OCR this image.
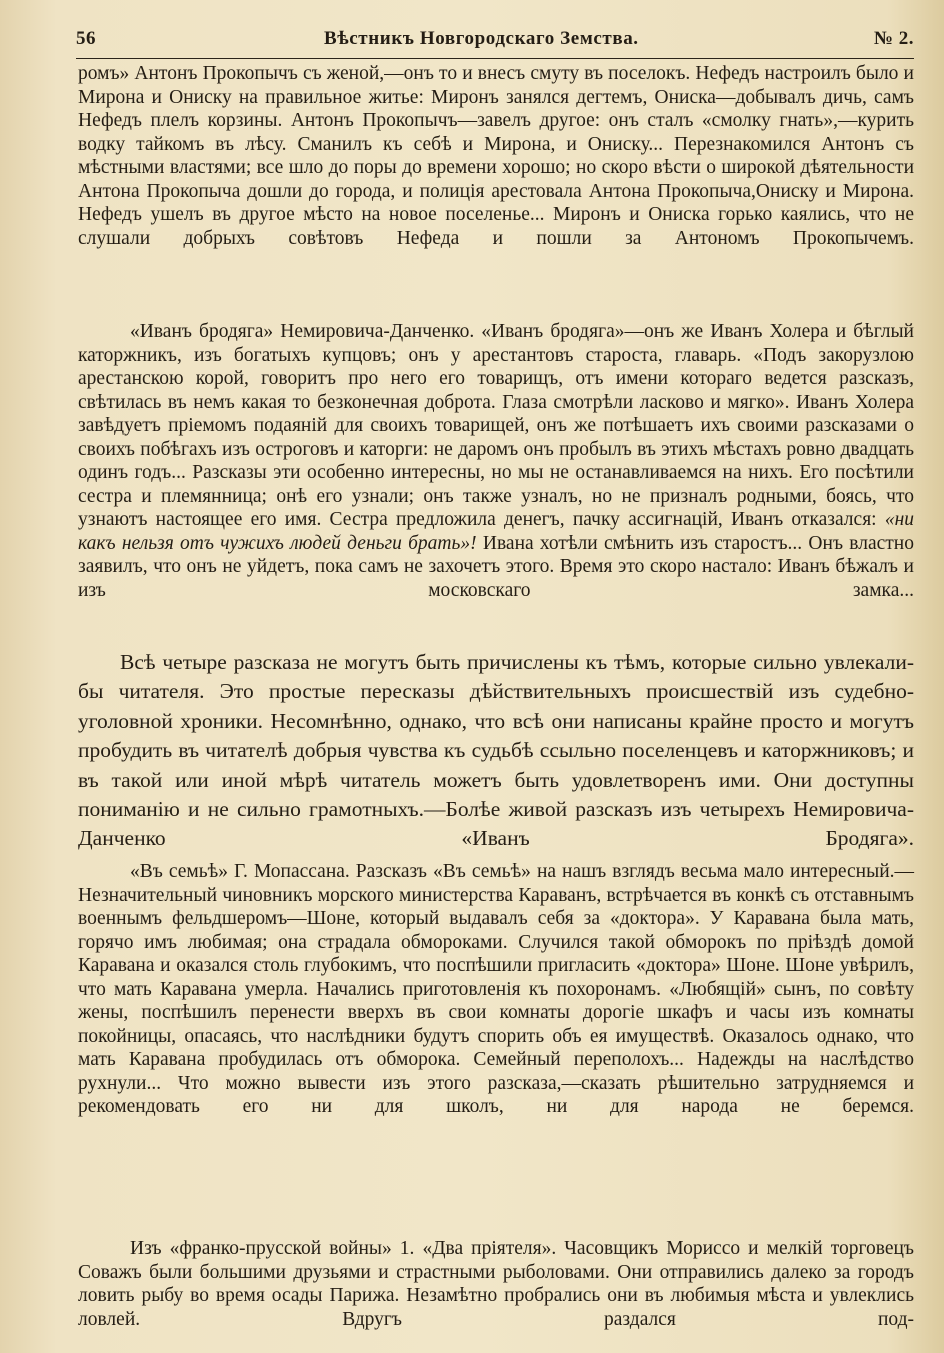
56	Вѣстникъ Новгородскаго Земства.	№ 2.

ромъ» Антонъ Прокопычъ съ женой,—онъ то и внесъ смуту въ поселокъ. Нефедъ настроилъ было и Мирона и Ониску на правильное житье: Миронъ занялся дегтемъ, Ониска—добывалъ дичь, самъ Нефедъ плелъ корзины. Антонъ Прокопычъ—завелъ другое: онъ сталъ «смолку гнать»,—курить водку тайкомъ въ лѣсу. Сманилъ къ себѣ и Мирона, и Ониску... Перезнакомился Антонъ съ мѣстными властями; все шло до поры до времени хорошо; но скоро вѣсти о широкой дѣятельности Антона Прокопыча дошли до города, и полиція арестовала Антона Прокопыча,Ониску и Мирона. Нефедъ ушелъ въ другое мѣсто на новое поселенье... Миронъ и Ониска горько каялись, что не слушали добрыхъ совѣтовъ Нефеда и пошли за Антономъ Прокопычемъ.

«Иванъ бродяга» Немировича-Данченко. «Иванъ бродяга»—онъ же Иванъ Холера и бѣглый каторжникъ, изъ богатыхъ купцовъ; онъ у арестантовъ староста, главарь. «Подъ закорузлою арестанскою корой, говоритъ про него его товарищъ, отъ имени котораго ведется разсказъ, свѣтилась въ немъ какая то безконечная доброта. Глаза смотрѣли ласково и мягко». Иванъ Холера завѣдуетъ пріемомъ подаяній для своихъ товарищей, онъ же потѣшаетъ ихъ своими разсказами о своихъ побѣгахъ изъ остроговъ и каторги: не даромъ онъ пробылъ въ этихъ мѣстахъ ровно двадцать одинъ годъ... Разсказы эти особенно интересны, но мы не останавливаемся на нихъ. Его посѣтили сестра и племянница; онѣ его узнали; онъ также узналъ, но не призналъ родными, боясь, что узнаютъ настоящее его имя. Сестра предложила денегъ, пачку ассигнацій, Иванъ отказался: «ни какъ нельзя отъ чужихъ людей деньги брать»! Ивана хотѣли смѣнить изъ старостъ... Онъ властно заявилъ, что онъ не уйдетъ, пока самъ не захочетъ этого. Время это скоро настало: Иванъ бѣжалъ и изъ московскаго замка...

Всѣ четыре разсказа не могутъ быть причислены къ тѣмъ, которые сильно увлекали-бы читателя. Это простые пересказы дѣйствительныхъ происшествій изъ судебно-уголовной хроники. Несомнѣнно, однако, что всѣ они написаны крайне просто и могутъ пробудить въ читателѣ добрыя чувства къ судьбѣ ссыльно поселенцевъ и каторжниковъ; и въ такой или иной мѣрѣ читатель можетъ быть удовлетворенъ ими. Они доступны пониманію и не сильно грамотныхъ.—Болѣе живой разсказъ изъ четырехъ Немировича-Данченко «Иванъ Бродяга».

«Въ семьѣ» Г. Мопассана. Разсказъ «Въ семьѣ» на нашъ взглядъ весьма мало интересный.—Незначительный чиновникъ морского министерства Караванъ, встрѣчается въ конкѣ съ отставнымъ военнымъ фельдшеромъ—Шоне, который выдавалъ себя за «доктора». У Каравана была мать, горячо имъ любимая; она страдала обмороками. Случился такой обморокъ по пріѣздѣ домой Каравана и оказался столь глубокимъ, что поспѣшили пригласить «доктора» Шоне. Шоне увѣрилъ, что мать Каравана умерла. Начались приготовленія къ похоронамъ. «Любящій» сынъ, по совѣту жены, поспѣшилъ перенести вверхъ въ свои комнаты дорогіе шкафъ и часы изъ комнаты покойницы, опасаясь, что наслѣдники будутъ спорить объ ея имуществѣ. Оказалось однако, что мать Каравана пробудилась отъ обморока. Семейный переполохъ... Надежды на наслѣдство рухнули... Что можно вывести изъ этого разсказа,—сказать рѣшительно затрудняемся и рекомендовать его ни для школъ, ни для народа не беремся.

Изъ «франко-прусской войны» 1. «Два пріятеля». Часовщикъ Мориссо и мелкій торговецъ Соважъ были большими друзьями и страстными рыболовами. Они отправились далеко за городъ ловить рыбу во время осады Парижа. Незамѣтно пробрались они въ любимыя мѣста и увлеклись ловлей. Вдругъ раздался под-
